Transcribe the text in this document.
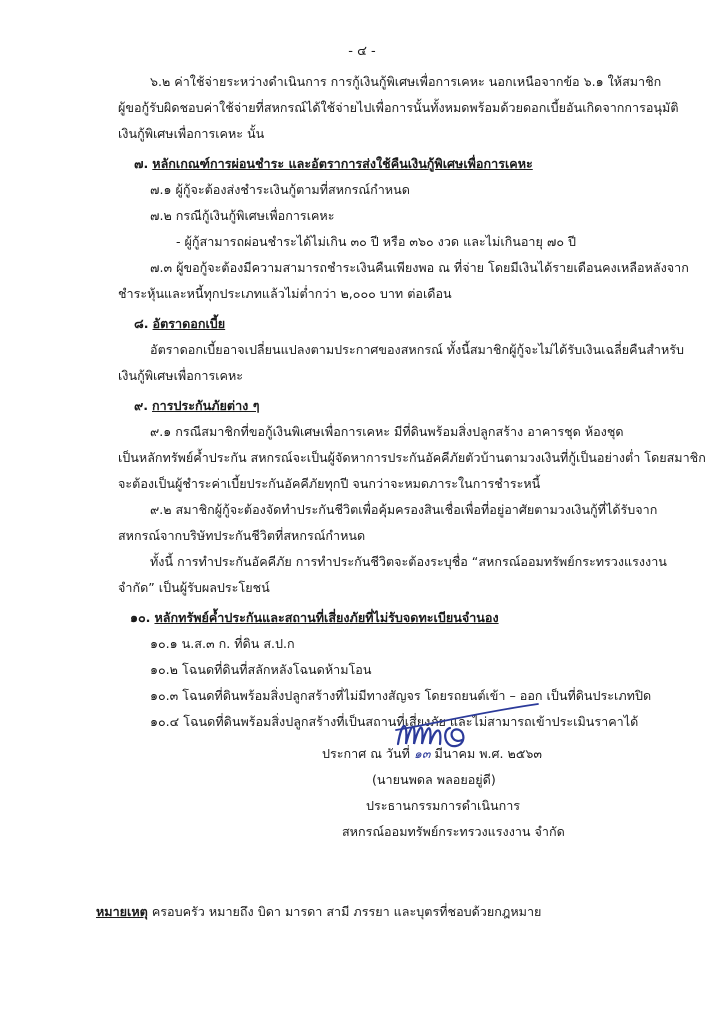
- ๔ -
๖.๒ ค่าใช้จ่ายระหว่างดำเนินการ การกู้เงินกู้พิเศษเพื่อการเคหะ นอกเหนือจากข้อ ๖.๑ ให้สมาชิก
ผู้ขอกู้รับผิดชอบค่าใช้จ่ายที่สหกรณ์ได้ใช้จ่ายไปเพื่อการนั้นทั้งหมดพร้อมด้วยดอกเบี้ยอันเกิดจากการอนุมัติ
เงินกู้พิเศษเพื่อการเคหะ นั้น
๗. หลักเกณฑ์การผ่อนชำระ และอัตราการส่งใช้คืนเงินกู้พิเศษเพื่อการเคหะ
๗.๑ ผู้กู้จะต้องส่งชำระเงินกู้ตามที่สหกรณ์กำหนด
๗.๒ กรณีกู้เงินกู้พิเศษเพื่อการเคหะ
- ผู้กู้สามารถผ่อนชำระได้ไม่เกิน ๓๐ ปี หรือ ๓๖๐ งวด และไม่เกินอายุ ๗๐ ปี
๗.๓ ผู้ขอกู้จะต้องมีความสามารถชำระเงินคืนเพียงพอ ณ ที่จ่าย โดยมีเงินได้รายเดือนคงเหลือหลังจาก
ชำระหุ้นและหนี้ทุกประเภทแล้วไม่ต่ำกว่า ๒,๐๐๐ บาท ต่อเดือน
๘. อัตราดอกเบี้ย
อัตราดอกเบี้ยอาจเปลี่ยนแปลงตามประกาศของสหกรณ์ ทั้งนี้สมาชิกผู้กู้จะไม่ได้รับเงินเฉลี่ยคืนสำหรับ
เงินกู้พิเศษเพื่อการเคหะ
๙. การประกันภัยต่าง ๆ
๙.๑ กรณีสมาชิกที่ขอกู้เงินพิเศษเพื่อการเคหะ มีที่ดินพร้อมสิ่งปลูกสร้าง อาคารชุด ห้องชุด
เป็นหลักทรัพย์ค้ำประกัน สหกรณ์จะเป็นผู้จัดหาการประกันอัคคีภัยตัวบ้านตามวงเงินที่กู้เป็นอย่างต่ำ โดยสมาชิก
จะต้องเป็นผู้ชำระค่าเบี้ยประกันอัคคีภัยทุกปี จนกว่าจะหมดภาระในการชำระหนี้
๙.๒ สมาชิกผู้กู้จะต้องจัดทำประกันชีวิตเพื่อคุ้มครองสินเชื่อเพื่อที่อยู่อาศัยตามวงเงินกู้ที่ได้รับจาก
สหกรณ์จากบริษัทประกันชีวิตที่สหกรณ์กำหนด
ทั้งนี้ การทำประกันอัคคีภัย การทำประกันชีวิตจะต้องระบุชื่อ “สหกรณ์ออมทรัพย์กระทรวงแรงงาน
จำกัด” เป็นผู้รับผลประโยชน์
๑๐. หลักทรัพย์ค้ำประกันและสถานที่เสี่ยงภัยที่ไม่รับจดทะเบียนจำนอง
๑๐.๑ น.ส.๓ ก. ที่ดิน ส.ป.ก
๑๐.๒ โฉนดที่ดินที่สลักหลังโฉนดห้ามโอน
๑๐.๓ โฉนดที่ดินพร้อมสิ่งปลูกสร้างที่ไม่มีทางสัญจร โดยรถยนต์เข้า – ออก เป็นที่ดินประเภทปิด
๑๐.๔ โฉนดที่ดินพร้อมสิ่งปลูกสร้างที่เป็นสถานที่เสี่ยงภัย และไม่สามารถเข้าประเมินราคาได้
ประกาศ ณ วันที่ ๑๓ มีนาคม พ.ศ. ๒๕๖๓
(นายนพดล พลอยอยู่ดี)
ประธานกรรมการดำเนินการ
สหกรณ์ออมทรัพย์กระทรวงแรงงาน จำกัด
หมายเหตุ ครอบครัว หมายถึง บิดา มารดา สามี ภรรยา และบุตรที่ชอบด้วยกฎหมาย
